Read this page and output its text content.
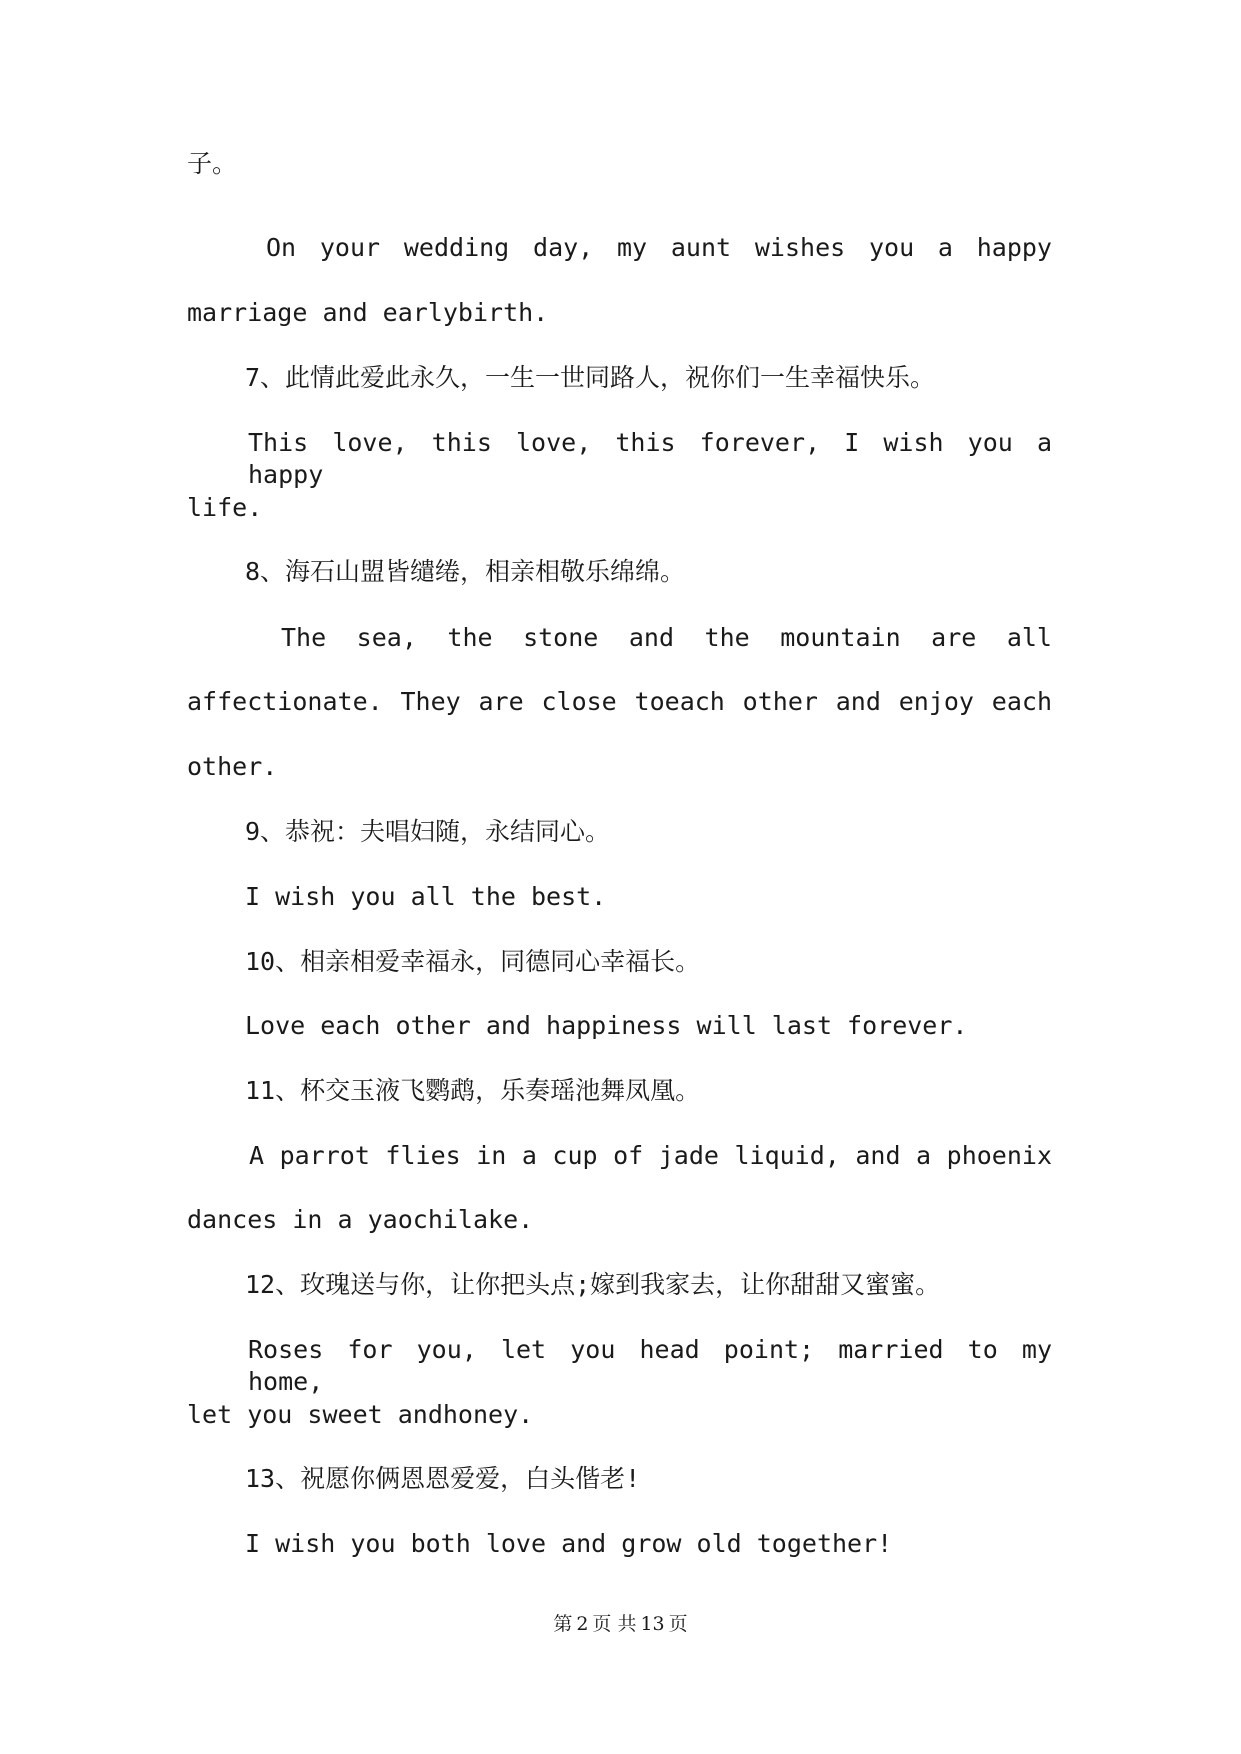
子。

On your wedding day, my aunt wishes you a happy

marriage and earlybirth.

7、此情此爱此永久，一生一世同路人，祝你们一生幸福快乐。

This love, this love, this forever, I wish you a happy

life.

8、海石山盟皆缱绻，相亲相敬乐绵绵。

The sea, the stone and the mountain are all

affectionate. They are close toeach other and enjoy each

other.

9、恭祝：夫唱妇随，永结同心。

I wish you all the best.

10、相亲相爱幸福永，同德同心幸福长。

Love each other and happiness will last forever.

11、杯交玉液飞鹦鹉，乐奏瑶池舞凤凰。

A parrot flies in a cup of jade liquid, and a phoenix

dances in a yaochilake.

12、玫瑰送与你，让你把头点;嫁到我家去，让你甜甜又蜜蜜。

Roses for you, let you head point; married to my home,

let you sweet andhoney.

13、祝愿你俩恩恩爱爱，白头偕老!

I wish you both love and grow old together!

第 2 页 共 13 页
